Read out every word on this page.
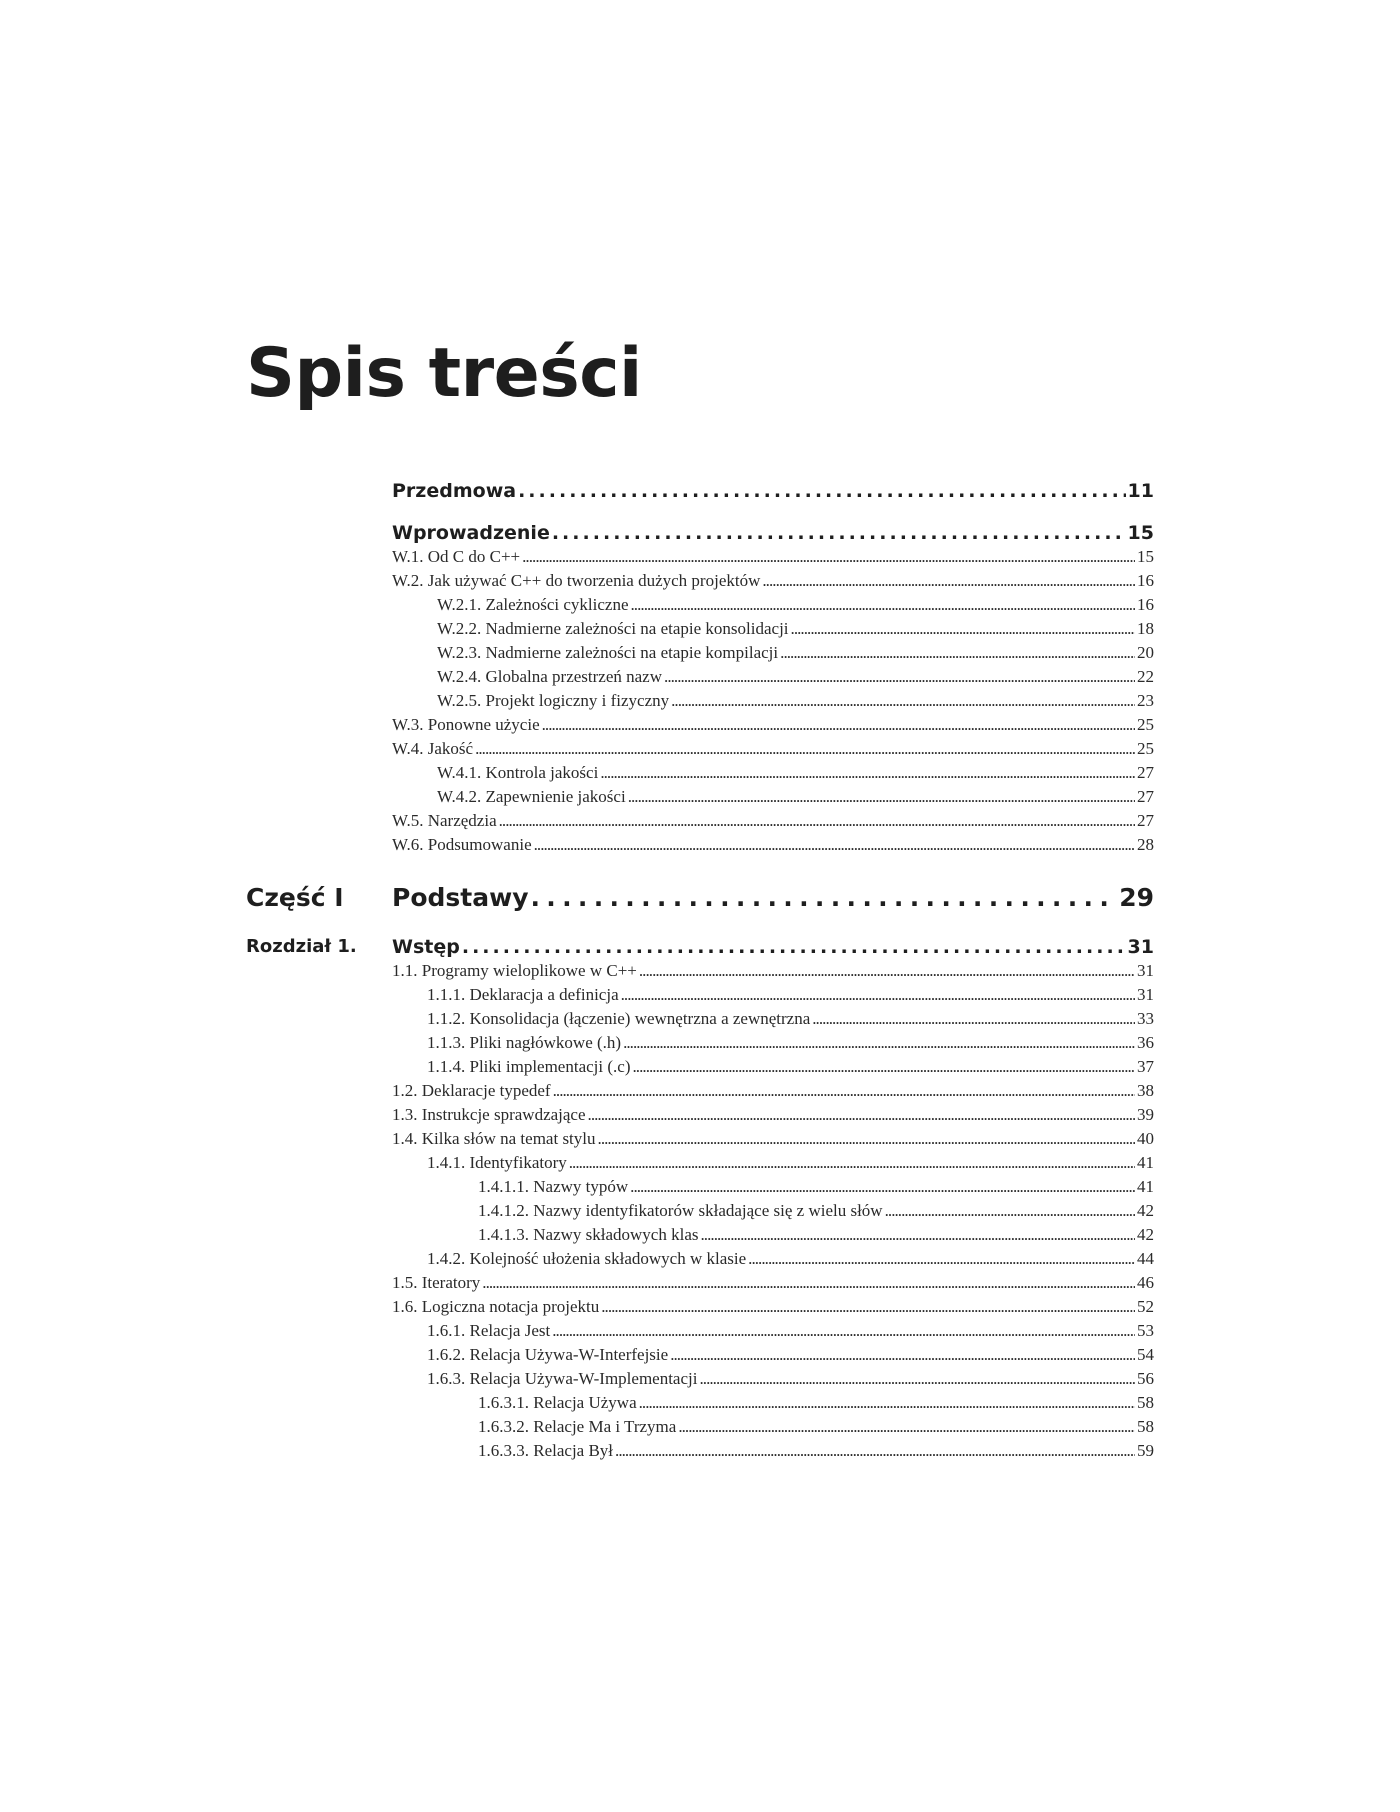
Spis treści
Przedmowa . . .	11
Wprowadzenie . . .	15
W.1. Od C do C++ . . .	15
W.2. Jak używać C++ do tworzenia dużych projektów . . .	16
W.2.1. Zależności cykliczne . . .	16
W.2.2. Nadmierne zależności na etapie konsolidacji . . .	18
W.2.3. Nadmierne zależności na etapie kompilacji . . .	20
W.2.4. Globalna przestrzeń nazw . . .	22
W.2.5. Projekt logiczny i fizyczny . . .	23
W.3. Ponowne użycie . . .	25
W.4. Jakość . . .	25
W.4.1. Kontrola jakości . . .	27
W.4.2. Zapewnienie jakości . . .	27
W.5. Narzędzia . . .	27
W.6. Podsumowanie . . .	28
Część I Podstawy . . .	29
Rozdział 1. Wstęp . . .	31
1.1. Programy wieloplikowe w C++ . . .	31
1.1.1. Deklaracja a definicja . . .	31
1.1.2. Konsolidacja (łączenie) wewnętrzna a zewnętrzna . . .	33
1.1.3. Pliki nagłówkowe (.h) . . .	36
1.1.4. Pliki implementacji (.c) . . .	37
1.2. Deklaracje typedef . . .	38
1.3. Instrukcje sprawdzające . . .	39
1.4. Kilka słów na temat stylu . . .	40
1.4.1. Identyfikatory . . .	41
1.4.1.1. Nazwy typów . . .	41
1.4.1.2. Nazwy identyfikatorów składające się z wielu słów . . .	42
1.4.1.3. Nazwy składowych klas . . .	42
1.4.2. Kolejność ułożenia składowych w klasie . . .	44
1.5. Iteratory . . .	46
1.6. Logiczna notacja projektu . . .	52
1.6.1. Relacja Jest . . .	53
1.6.2. Relacja Używa-W-Interfejsie . . .	54
1.6.3. Relacja Używa-W-Implementacji . . .	56
1.6.3.1. Relacja Używa . . .	58
1.6.3.2. Relacje Ma i Trzyma . . .	58
1.6.3.3. Relacja Był . . .	59
